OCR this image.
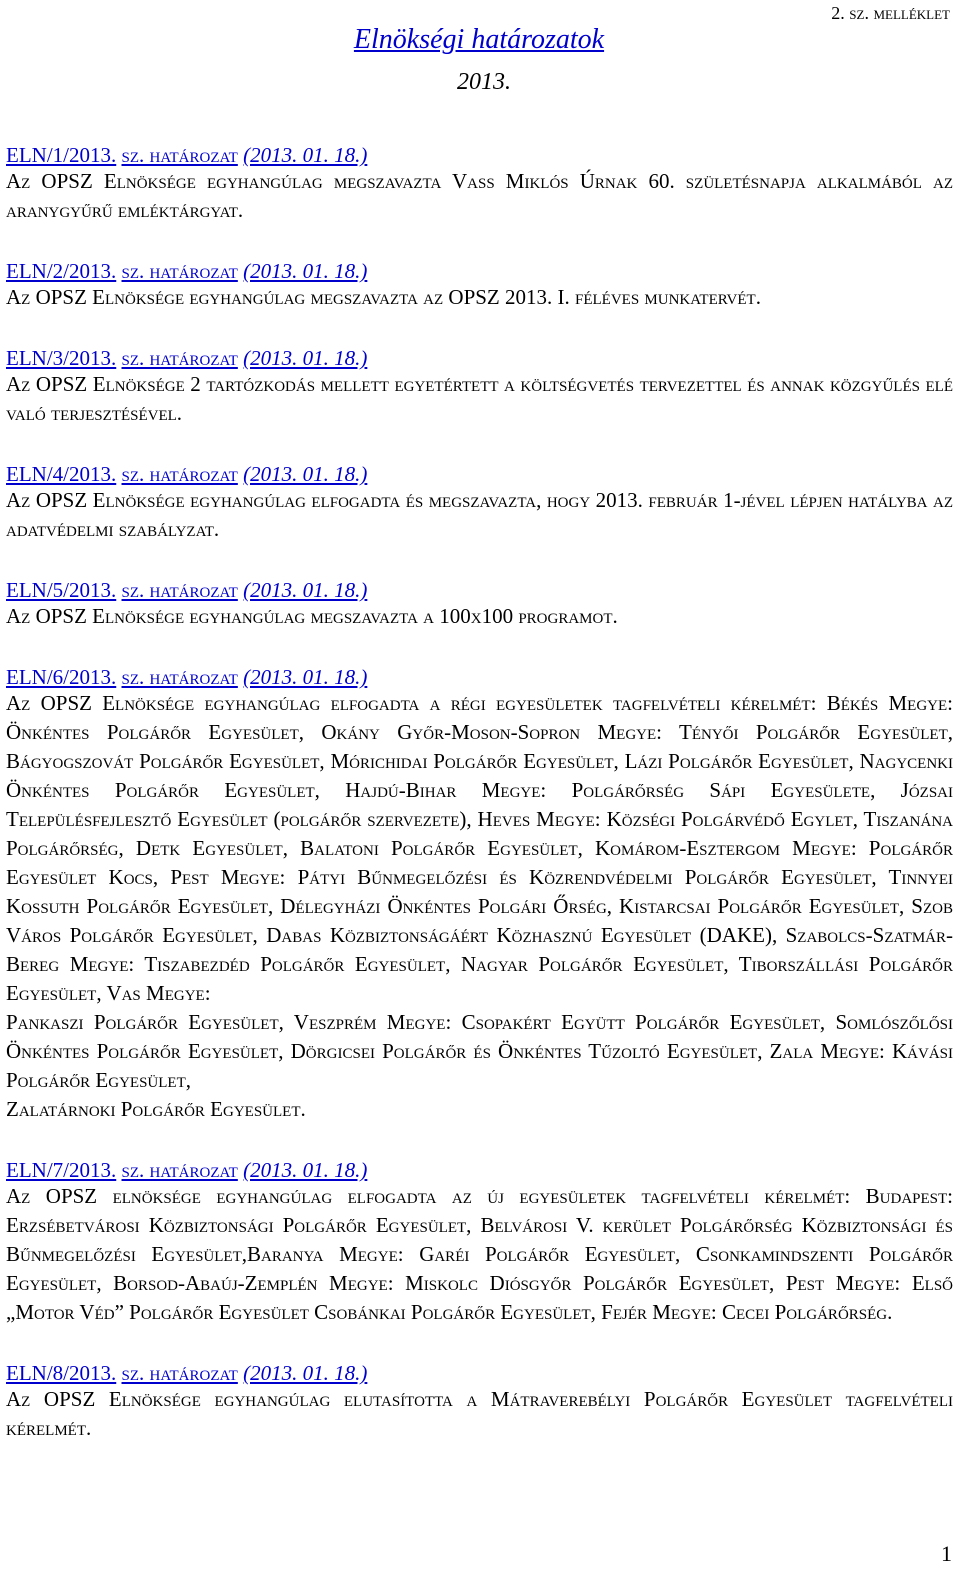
2. sz. melléklet
Elnökségi határozatok
2013.
ELN/1/2013. sz. határozat (2013. 01. 18.)

Az OPSZ Elnöksége egyhangúlag megszavazta Vass Miklós Úrnak 60. születésnapja alkalmából az aranygyűrű emléktárgyat.

ELN/2/2013. sz. határozat (2013. 01. 18.)

Az OPSZ Elnöksége egyhangúlag megszavazta az OPSZ 2013. I. féléves munkatervét.

ELN/3/2013. sz. határozat (2013. 01. 18.)

Az OPSZ Elnöksége 2 tartózkodás mellett egyetértett a költségvetés tervezettel és annak közgyűlés elé való terjesztésével.

ELN/4/2013. sz. határozat (2013. 01. 18.)

Az OPSZ Elnöksége egyhangúlag elfogadta és megszavazta, hogy 2013. február 1-jével lépjen hatályba az adatvédelmi szabályzat.

ELN/5/2013. sz. határozat (2013. 01. 18.)

Az OPSZ Elnöksége egyhangúlag megszavazta a 100x100 programot.

ELN/6/2013. sz. határozat (2013. 01. 18.)

Az OPSZ Elnöksége egyhangúlag elfogadta a régi egyesületek tagfelvételi kérelmét: Békés Megye: Önkéntes Polgárőr Egyesület, Okány Győr-Moson-Sopron Megye: Tényői Polgárőr Egyesület, Bágyogszovát Polgárőr Egyesület, Mórichidai Polgárőr Egyesület, Lázi Polgárőr Egyesület, Nagycenki Önkéntes Polgárőr Egyesület, Hajdú-Bihar Megye: Polgárőrség Sápi Egyesülete, Józsai Településfejlesztő Egyesület (polgárőr szervezete), Heves Megye: Községi Polgárvédő Egylet, Tiszanána Polgárőrség, Detk Egyesület, Balatoni Polgárőr Egyesület, Komárom-Esztergom Megye: Polgárőr Egyesület Kocs, Pest Megye: Pátyi Bűnmegelőzési és Közrendvédelmi Polgárőr Egyesület, Tinnyei Kossuth Polgárőr Egyesület, Délegyházi Önkéntes Polgári Őrség, Kistarcsai Polgárőr Egyesület, Szob Város Polgárőr Egyesület, Dabas Közbiztonságáért Közhasznú Egyesület (DAKE), Szabolcs-Szatmár-Bereg Megye: Tiszabezdéd Polgárőr Egyesület, Nagyar Polgárőr Egyesület, Tiborszállási Polgárőr Egyesület, Vas Megye:

Pankaszi Polgárőr Egyesület, Veszprém Megye: Csopakért Együtt Polgárőr Egyesület, Somlószőlősi Önkéntes Polgárőr Egyesület, Dörgicsei Polgárőr és Önkéntes Tűzoltó Egyesület, Zala Megye: Kávási Polgárőr Egyesület,

Zalatárnoki Polgárőr Egyesület.

ELN/7/2013. sz. határozat (2013. 01. 18.)

Az OPSZ elnöksége egyhangúlag elfogadta az új egyesületek tagfelvételi kérelmét: Budapest: Erzsébetvárosi Közbiztonsági Polgárőr Egyesület, Belvárosi V. kerület Polgárőrség Közbiztonsági és Bűnmegelőzési Egyesület,Baranya Megye: Garéi Polgárőr Egyesület, Csonkamindszenti Polgárőr Egyesület, Borsod-Abaúj-Zemplén Megye: Miskolc Diósgyőr Polgárőr Egyesület, Pest Megye: Első „Motor Véd” Polgárőr Egyesület Csobánkai Polgárőr Egyesület, Fejér Megye: Cecei Polgárőrség.

ELN/8/2013. sz. határozat (2013. 01. 18.)

Az OPSZ Elnöksége egyhangúlag elutasította a Mátraverebélyi Polgárőr Egyesület tagfelvételi kérelmét.

1
